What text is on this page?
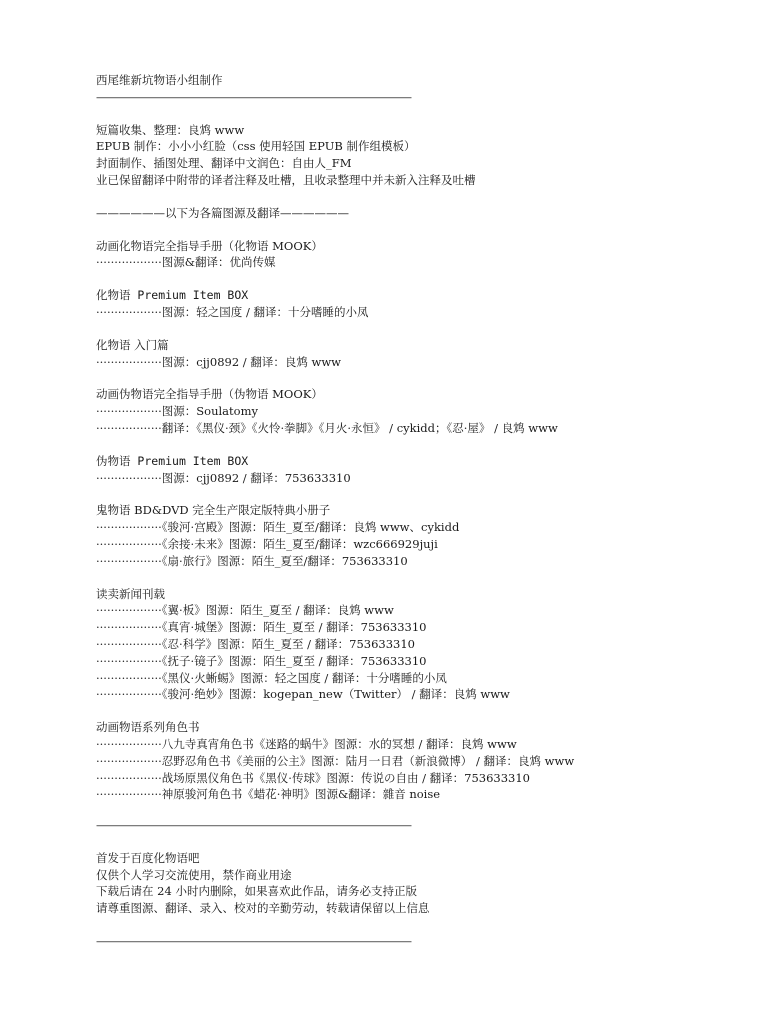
西尾维新坑物语小组制作
——————————————————————————————
短篇收集、整理：良鸩 www
EPUB 制作：小小小红脸（css 使用轻国 EPUB 制作组模板）
封面制作、插图处理、翻译中文润色：自由人_FM
业已保留翻译中附带的译者注释及吐槽，且收录整理中并未新入注释及吐槽
——————以下为各篇图源及翻译——————
动画化物语完全指导手册（化物语 MOOK）
··················图源&翻译：优尚传媒
化物语 Premium Item BOX
··················图源：轻之国度 / 翻译：十分嗜睡的小凤
化物语 入门篇
··················图源：cjj0892 / 翻译：良鸩 www
动画伪物语完全指导手册（伪物语 MOOK）
··················图源：Soulatomy
··················翻译：《黑仪·颈》《火怜·拳脚》《月火·永恒》 / cykidd；《忍·屋》 / 良鸩 www
伪物语 Premium Item BOX
··················图源：cjj0892 / 翻译：753633310
鬼物语 BD&DVD 完全生产限定版特典小册子
··················《骏河·宫殿》图源：陌生_夏至/翻译：良鸩 www、cykidd
··················《余接·未来》图源：陌生_夏至/翻译：wzc666929juji
··················《扇·旅行》图源：陌生_夏至/翻译：753633310
读卖新闻刊载
··················《翼·板》图源：陌生_夏至 / 翻译：良鸩 www
··················《真宵·城堡》图源：陌生_夏至 / 翻译：753633310
··················《忍·科学》图源：陌生_夏至 / 翻译：753633310
··················《抚子·镜子》图源：陌生_夏至 / 翻译：753633310
··················《黑仪·火蜥蜴》图源：轻之国度 / 翻译：十分嗜睡的小凤
··················《骏河·绝妙》图源：kogepan_new（Twitter） / 翻译：良鸩 www
动画物语系列角色书
··················八九寺真宵角色书《迷路的蜗牛》图源：水的冥想 / 翻译：良鸩 www
··················忍野忍角色书《美丽的公主》图源：陆月一日君（新浪微博） / 翻译：良鸩 www
··················战场原黑仪角色书《黑仪·传球》图源：传说の自由 / 翻译：753633310
··················神原骏河角色书《蜡花·神明》图源&翻译：雜音 noise
——————————————————————————————
首发于百度化物语吧
仅供个人学习交流使用，禁作商业用途
下载后请在 24 小时内删除，如果喜欢此作品，请务必支持正版
请尊重图源、翻译、录入、校对的辛勤劳动，转载请保留以上信息
——————————————————————————————
